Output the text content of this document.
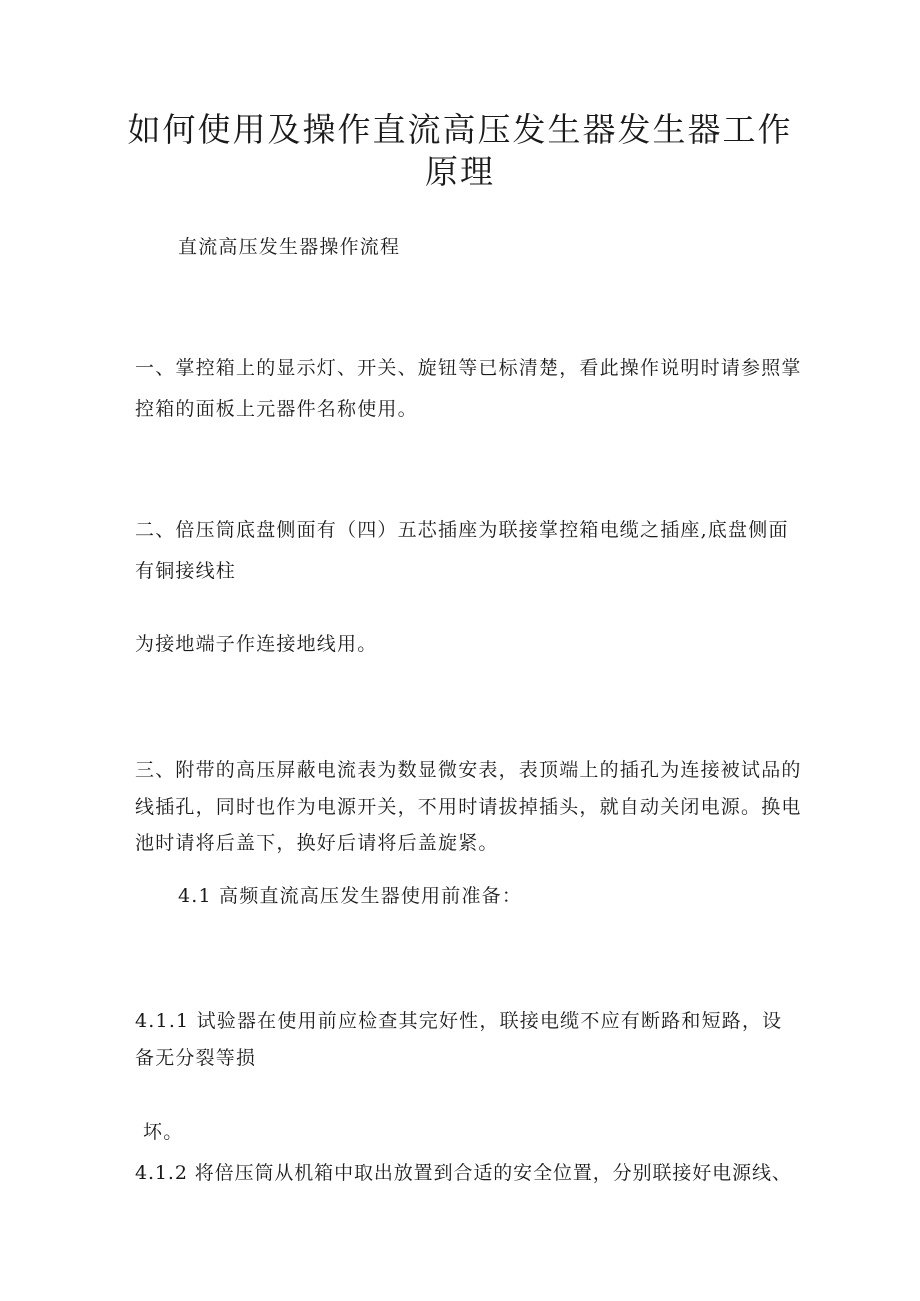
如何使用及操作直流高压发生器发生器工作
原理
直流高压发生器操作流程
一、掌控箱上的显示灯、开关、旋钮等已标清楚，看此操作说明时请参照掌
控箱的面板上元器件名称使用。
二、倍压筒底盘侧面有（四）五芯插座为联接掌控箱电缆之插座,底盘侧面
有铜接线柱
为接地端子作连接地线用。
三、附带的高压屏蔽电流表为数显微安表，表顶端上的插孔为连接被试品的
线插孔，同时也作为电源开关，不用时请拔掉插头，就自动关闭电源。换电
池时请将后盖下，换好后请将后盖旋紧。
4.1 高频直流高压发生器使用前准备：
4.1.1 试验器在使用前应检查其完好性，联接电缆不应有断路和短路，设
备无分裂等损
坏。
4.1.2 将倍压筒从机箱中取出放置到合适的安全位置，分别联接好电源线、
